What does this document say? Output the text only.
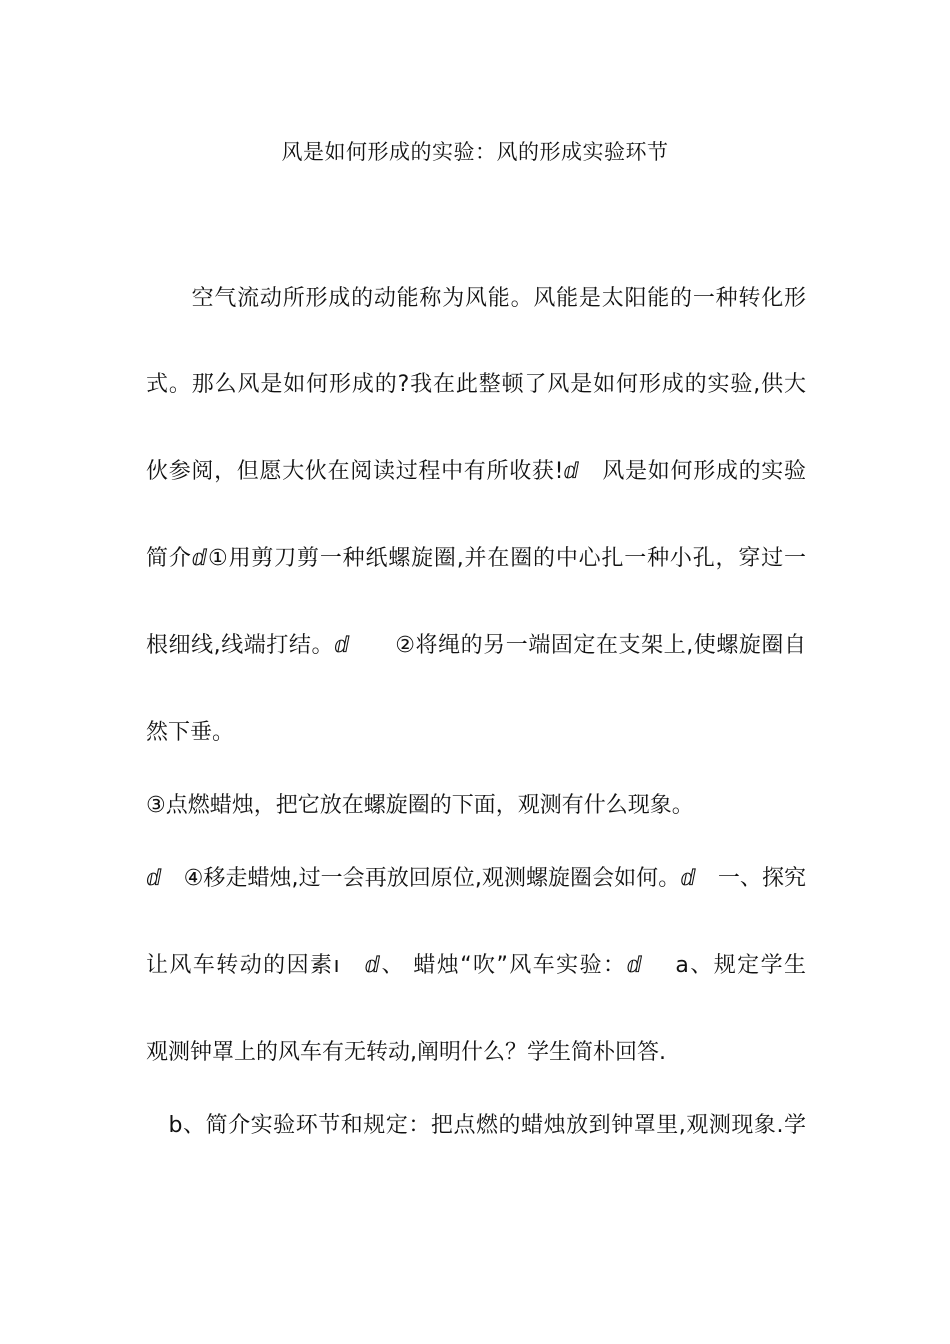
风是如何形成的实验：风的形成实验环节
　　空气流动所形成的动能称为风能。风能是太阳能的一种转化形
式。那么风是如何形成的?我在此整顿了风是如何形成的实验,供大
伙参阅，但愿大伙在阅读过程中有所收获!ⅆ　风是如何形成的实验
简介ⅆ①用剪刀剪一种纸螺旋圈,并在圈的中心扎一种小孔，穿过一
根细线,线端打结。ⅆ　　②将绳的另一端固定在支架上,使螺旋圈自
然下垂。
③点燃蜡烛，把它放在螺旋圈的下面，观测有什么现象。
ⅆ　④移走蜡烛,过一会再放回原位,观测螺旋圈会如何。ⅆ　一、探究
让风车转动的因素ı　ⅆ、 蜡烛“吹”风车实验：ⅆ　 a、规定学生
观测钟罩上的风车有无转动,阐明什么？学生简朴回答.
　b、简介实验环节和规定：把点燃的蜡烛放到钟罩里,观测现象.学
